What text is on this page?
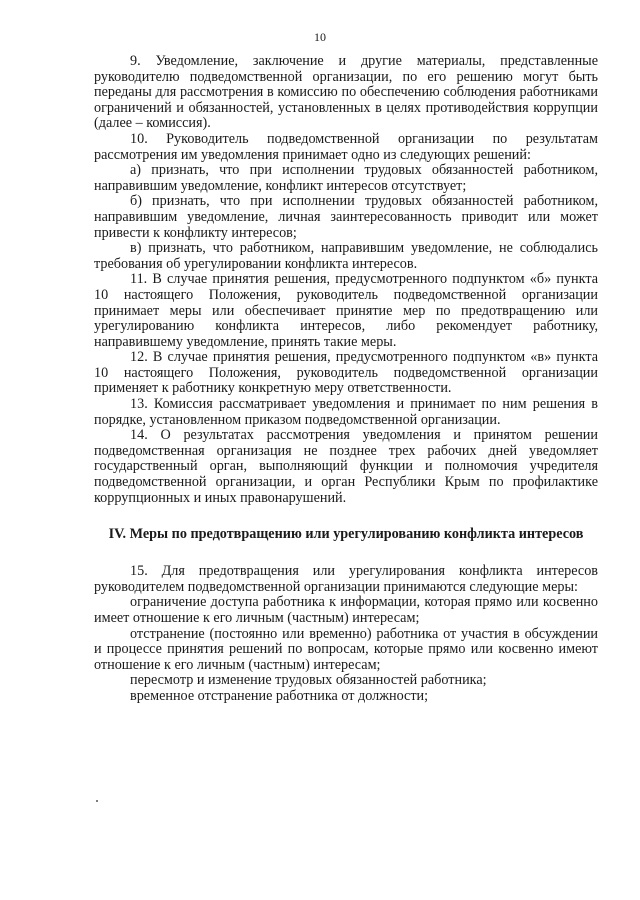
10

9. Уведомление, заключение и другие материалы, представленные руководителю подведомственной организации, по его решению могут быть переданы для рассмотрения в комиссию по обеспечению соблюдения работниками ограничений и обязанностей, установленных в целях противодействия коррупции (далее – комиссия).

10. Руководитель подведомственной организации по результатам рассмотрения им уведомления принимает одно из следующих решений:

а) признать, что при исполнении трудовых обязанностей работником, направившим уведомление, конфликт интересов отсутствует;

б) признать, что при исполнении трудовых обязанностей работником, направившим уведомление, личная заинтересованность приводит или может привести к конфликту интересов;

в) признать, что работником, направившим уведомление, не соблюдались требования об урегулировании конфликта интересов.

11. В случае принятия решения, предусмотренного подпунктом «б» пункта 10 настоящего Положения, руководитель подведомственной организации принимает меры или обеспечивает принятие мер по предотвращению или урегулированию конфликта интересов, либо рекомендует работнику, направившему уведомление, принять такие меры.

12. В случае принятия решения, предусмотренного подпунктом «в» пункта 10 настоящего Положения, руководитель подведомственной организации применяет к работнику конкретную меру ответственности.

13. Комиссия рассматривает уведомления и принимает по ним решения в порядке, установленном приказом подведомственной организации.

14. О результатах рассмотрения уведомления и принятом решении подведомственная организация не позднее трех рабочих дней уведомляет государственный орган, выполняющий функции и полномочия учредителя подведомственной организации, и орган Республики Крым по профилактике коррупционных и иных правонарушений.

IV. Меры по предотвращению или урегулированию конфликта интересов

15. Для предотвращения или урегулирования конфликта интересов руководителем подведомственной организации принимаются следующие меры:

ограничение доступа работника к информации, которая прямо или косвенно имеет отношение к его личным (частным) интересам;

отстранение (постоянно или временно) работника от участия в обсуждении и процессе принятия решений по вопросам, которые прямо или косвенно имеют отношение к его личным (частным) интересам;

пересмотр и изменение трудовых обязанностей работника;

временное отстранение работника от должности;
